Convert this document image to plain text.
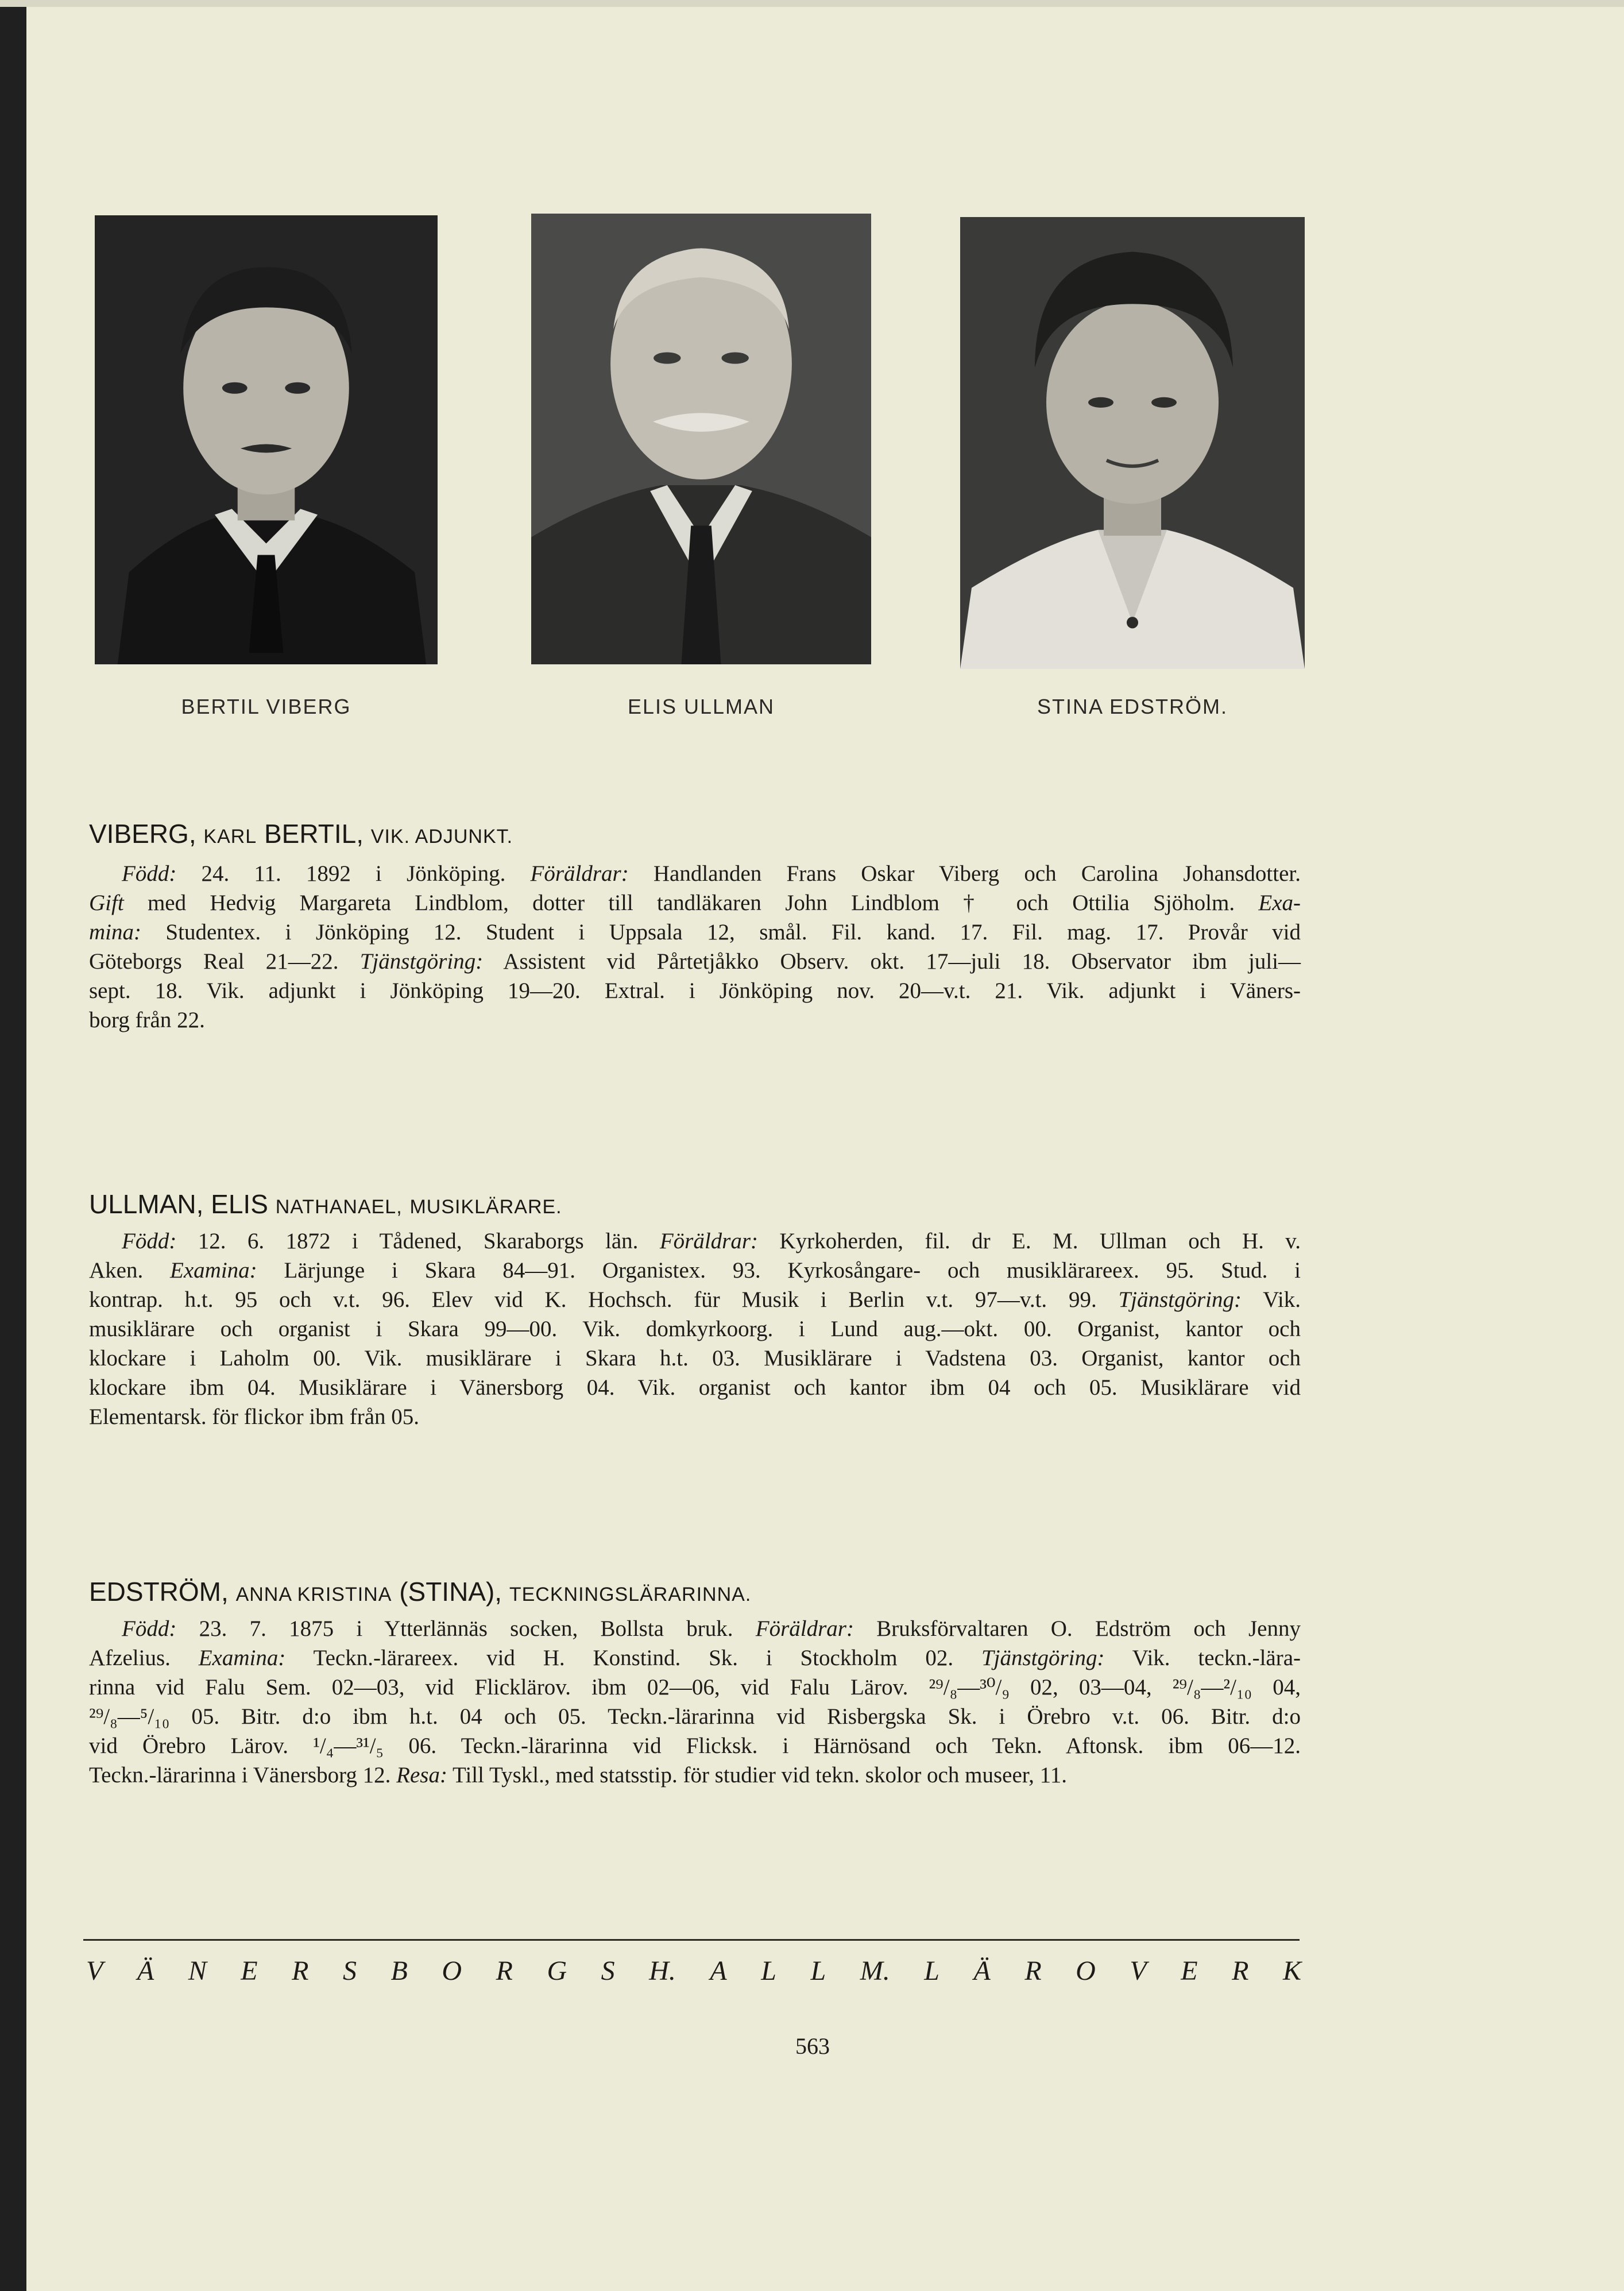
BERTIL VIBERG	ELIS ULLMAN	STINA EDSTRÖM.
VIBERG, KARL BERTIL, VIK. ADJUNKT.
Född: 24. 11. 1892 i Jönköping. Föräldrar: Handlanden Frans Oskar Viberg och Carolina Johansdotter.
Gift med Hedvig Margareta Lindblom, dotter till tandläkaren John Lindblom † och Ottilia Sjöholm. Exa-
mina: Studentex. i Jönköping 12. Student i Uppsala 12, smål. Fil. kand. 17. Fil. mag. 17. Provår vid
Göteborgs Real 21—22. Tjänstgöring: Assistent vid Pårtetjåkko Observ. okt. 17—juli 18. Observator ibm juli—
sept. 18. Vik. adjunkt i Jönköping 19—20. Extral. i Jönköping nov. 20—v.t. 21. Vik. adjunkt i Väners-
borg från 22.
ULLMAN, ELIS NATHANAEL, MUSIKLÄRARE.
Född: 12. 6. 1872 i Tådened, Skaraborgs län. Föräldrar: Kyrkoherden, fil. dr E. M. Ullman och H. v.
Aken. Examina: Lärjunge i Skara 84—91. Organistex. 93. Kyrkosångare- och musiklärareex. 95. Stud. i
kontrap. h.t. 95 och v.t. 96. Elev vid K. Hochsch. für Musik i Berlin v.t. 97—v.t. 99. Tjänstgöring: Vik.
musiklärare och organist i Skara 99—00. Vik. domkyrkoorg. i Lund aug.—okt. 00. Organist, kantor och
klockare i Laholm 00. Vik. musiklärare i Skara h.t. 03. Musiklärare i Vadstena 03. Organist, kantor och
klockare ibm 04. Musiklärare i Vänersborg 04. Vik. organist och kantor ibm 04 och 05. Musiklärare vid
Elementarsk. för flickor ibm från 05.
EDSTRÖM, ANNA KRISTINA (STINA), TECKNINGSLÄRARINNA.
Född: 23. 7. 1875 i Ytterlännäs socken, Bollsta bruk. Föräldrar: Bruksförvaltaren O. Edström och Jenny
Afzelius. Examina: Teckn.-lärareex. vid H. Konstind. Sk. i Stockholm 02. Tjänstgöring: Vik. teckn.-lära-
rinna vid Falu Sem. 02—03, vid Flicklärov. ibm 02—06, vid Falu Lärov. ²⁹/₈—³⁰/₉ 02, 03—04, ²⁹/₈—²/₁₀ 04,
²⁹/₈—⁵/₁₀ 05. Bitr. d:o ibm h.t. 04 och 05. Teckn.-lärarinna vid Risbergska Sk. i Örebro v.t. 06. Bitr. d:o
vid Örebro Lärov. ¹/₄—³¹/₅ 06. Teckn.-lärarinna vid Flicksk. i Härnösand och Tekn. Aftonsk. ibm 06—12.
Teckn.-lärarinna i Vänersborg 12. Resa: Till Tyskl., med statsstip. för studier vid tekn. skolor och museer, 11.
V Ä N E R S B O R G S H. A L L M. L Ä R O V E R K
563
